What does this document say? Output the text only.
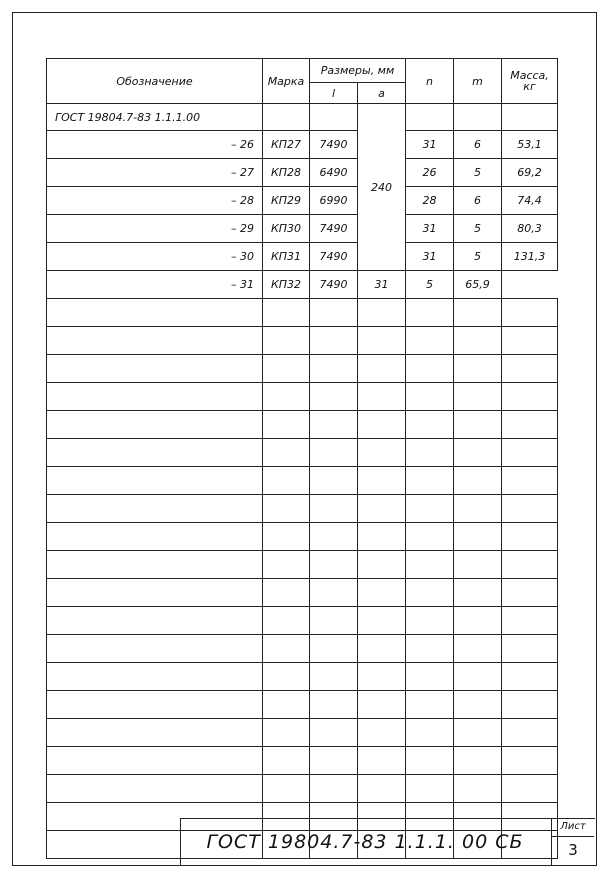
Обозначение	Марка	Размеры, мм		n	m	Масса,
кг

		l	a			
ГОСТ 19804.7-83 1.1.1.00			240			
– 26	КП27	7490		31	6	53,1
– 27	КП28	6490		26	5	69,2
– 28	КП29	6990		28	6	74,4
– 29	КП30	7490		31	5	80,3
– 30	КП31	7490		31	5	131,3
– 31	КП32	7490	31	5	65,9	

ГОСТ 19804.7-83 1.1.1. 00 СБ
Лист
3
